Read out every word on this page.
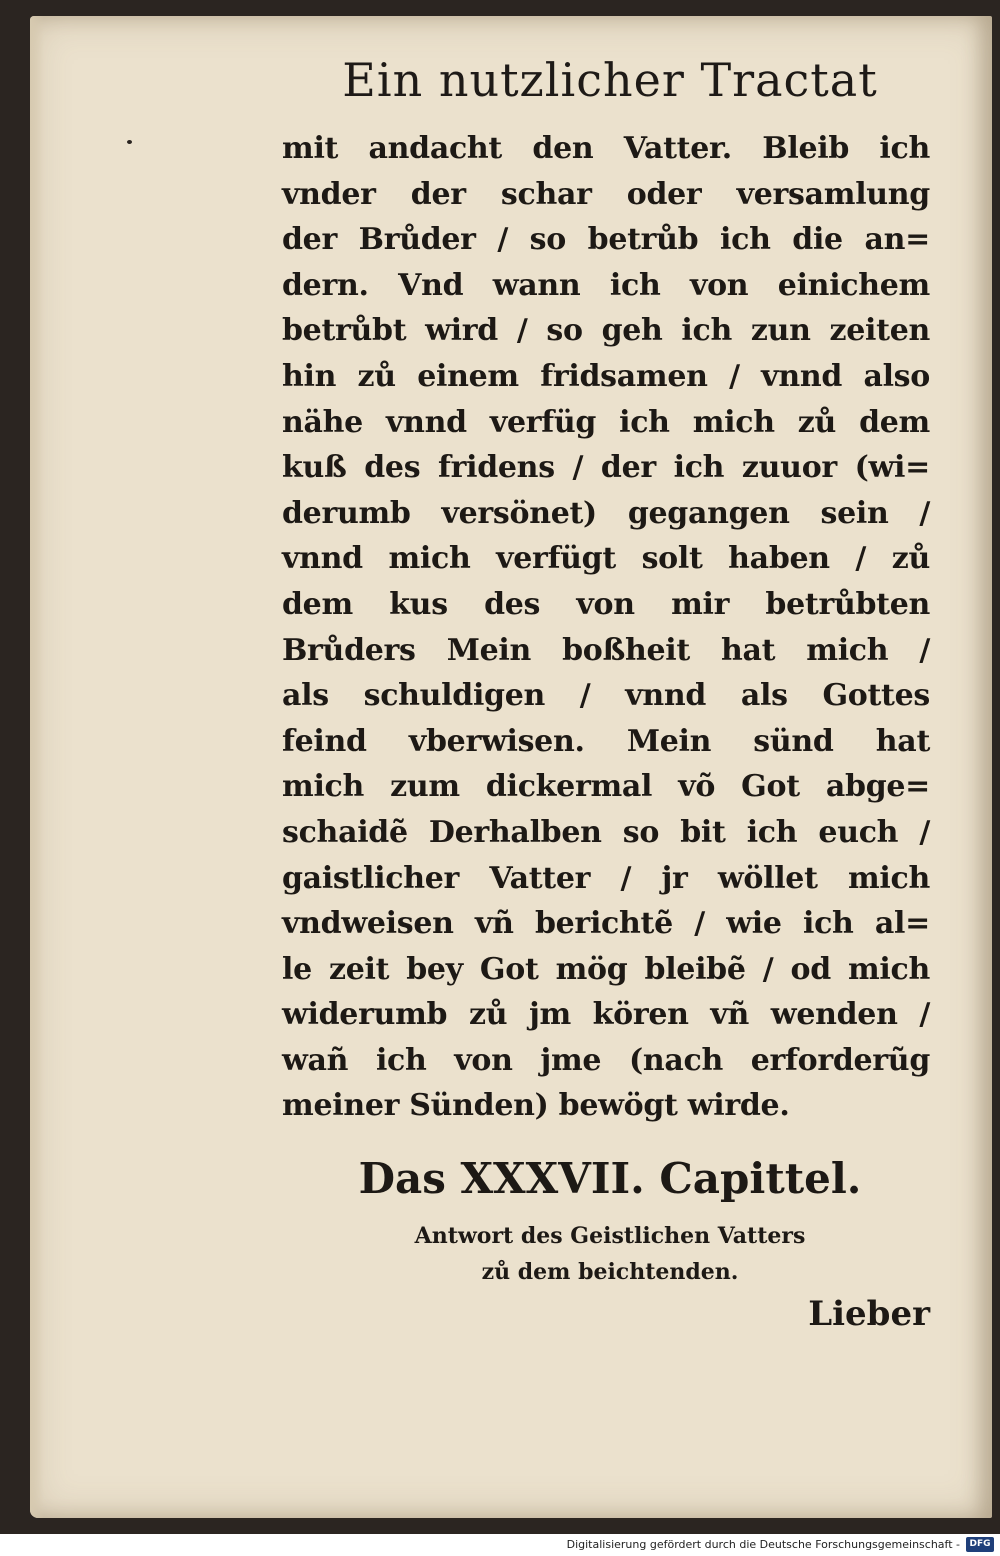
Ein nutzlicher Tractat
mit andacht den Vatter. Bleib ich
vnder der schar oder versamlung
der Brůder / so betrůb ich die an=
dern. Vnd wann ich von einichem
betrůbt wird / so geh ich zun zeiten
hin zů einem fridsamen / vnnd also
nähe vnnd verfüg ich mich zů dem
kuß des fridens / der ich zuuor (wi=
derumb versönet) gegangen sein /
vnnd mich verfügt solt haben / zů
dem kus des von mir betrůbten
Brůders Mein boßheit hat mich /
als schuldigen / vnnd als Gottes
feind vberwisen. Mein sünd hat
mich zum dickermal võ Got abge=
schaidẽ Derhalben so bit ich euch /
gaistlicher Vatter / jr wöllet mich
vndweisen vñ berichtẽ / wie ich al=
le zeit bey Got mög bleibẽ / od mich
widerumb zů jm kören vñ wenden /
wañ ich von jme (nach erforderũg
meiner Sünden) bewögt wirde.
Das XXXVII. Capittel.
Antwort des Geistlichen Vatters
zů dem beichtenden.
Lieber
Digitalisierung gefördert durch die Deutsche Forschungsgemeinschaft -	DFG
